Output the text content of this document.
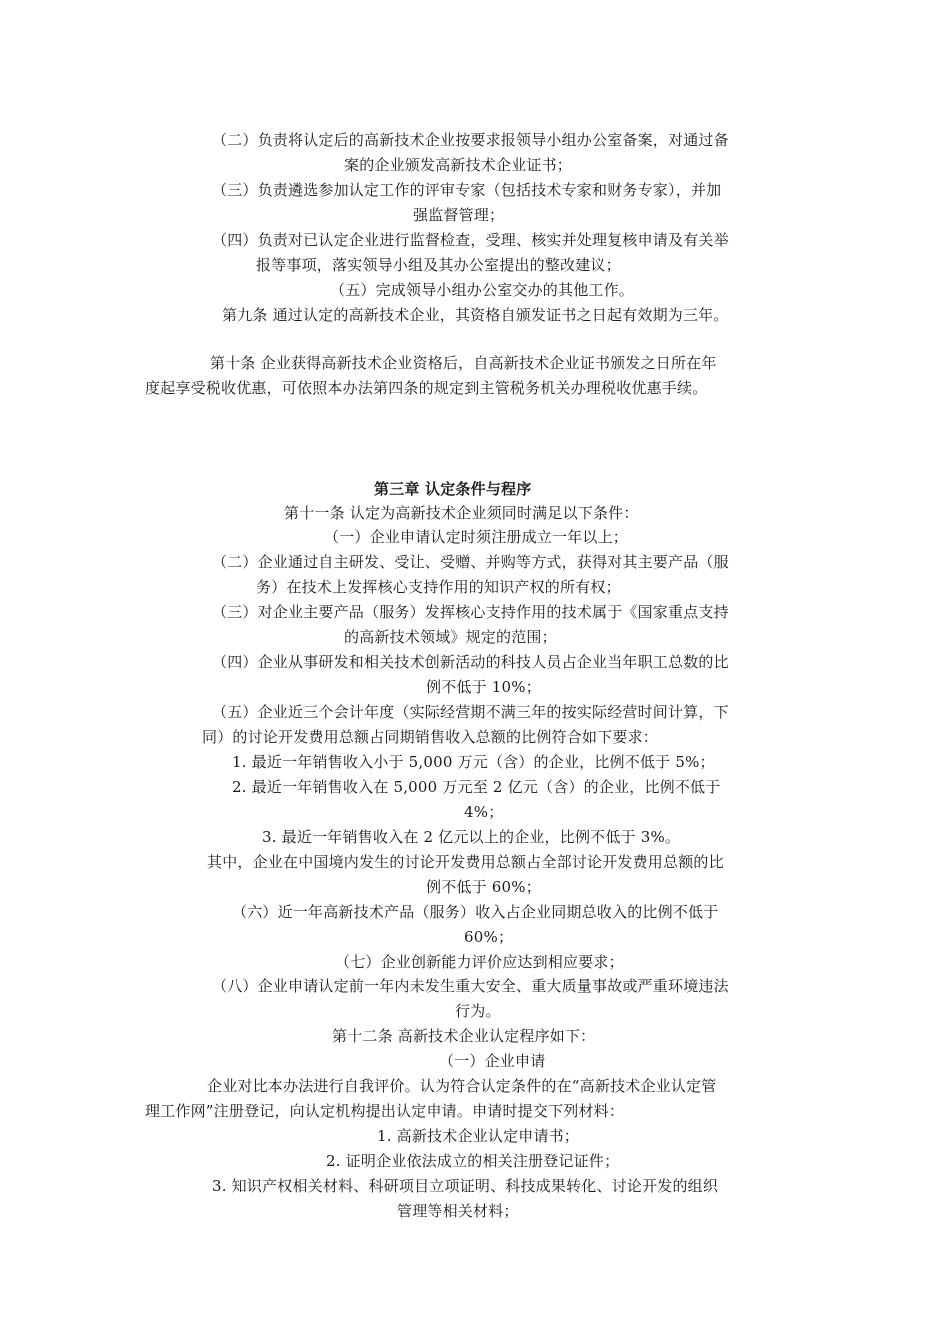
（二）负责将认定后的高新技术企业按要求报领导小组办公室备案，对通过备
案的企业颁发高新技术企业证书；
（三）负责遴选参加认定工作的评审专家（包括技术专家和财务专家），并加
强监督管理；
（四）负责对已认定企业进行监督检查，受理、核实并处理复核申请及有关举
报等事项，落实领导小组及其办公室提出的整改建议；
（五）完成领导小组办公室交办的其他工作。
第九条 通过认定的高新技术企业，其资格自颁发证书之日起有效期为三年。
第十条 企业获得高新技术企业资格后，自高新技术企业证书颁发之日所在年
度起享受税收优惠，可依照本办法第四条的规定到主管税务机关办理税收优惠手续。
第三章 认定条件与程序
第十一条 认定为高新技术企业须同时满足以下条件：
（一）企业申请认定时须注册成立一年以上；
（二）企业通过自主研发、受让、受赠、并购等方式，获得对其主要产品（服
务）在技术上发挥核心支持作用的知识产权的所有权；
（三）对企业主要产品（服务）发挥核心支持作用的技术属于《国家重点支持
的高新技术领域》规定的范围；
（四）企业从事研发和相关技术创新活动的科技人员占企业当年职工总数的比
例不低于 10%；
（五）企业近三个会计年度（实际经营期不满三年的按实际经营时间计算，下
同）的讨论开发费用总额占同期销售收入总额的比例符合如下要求：
1. 最近一年销售收入小于 5,000 万元（含）的企业，比例不低于 5%；
2. 最近一年销售收入在 5,000 万元至 2 亿元（含）的企业，比例不低于
4%；
3. 最近一年销售收入在 2 亿元以上的企业，比例不低于 3%。
其中，企业在中国境内发生的讨论开发费用总额占全部讨论开发费用总额的比
例不低于 60%；
（六）近一年高新技术产品（服务）收入占企业同期总收入的比例不低于
60%；
（七）企业创新能力评价应达到相应要求；
（八）企业申请认定前一年内未发生重大安全、重大质量事故或严重环境违法
行为。
第十二条 高新技术企业认定程序如下：
（一）企业申请
企业对比本办法进行自我评价。认为符合认定条件的在“高新技术企业认定管
理工作网”注册登记，向认定机构提出认定申请。申请时提交下列材料：
1. 高新技术企业认定申请书；
2. 证明企业依法成立的相关注册登记证件；
3. 知识产权相关材料、科研项目立项证明、科技成果转化、讨论开发的组织
管理等相关材料；
